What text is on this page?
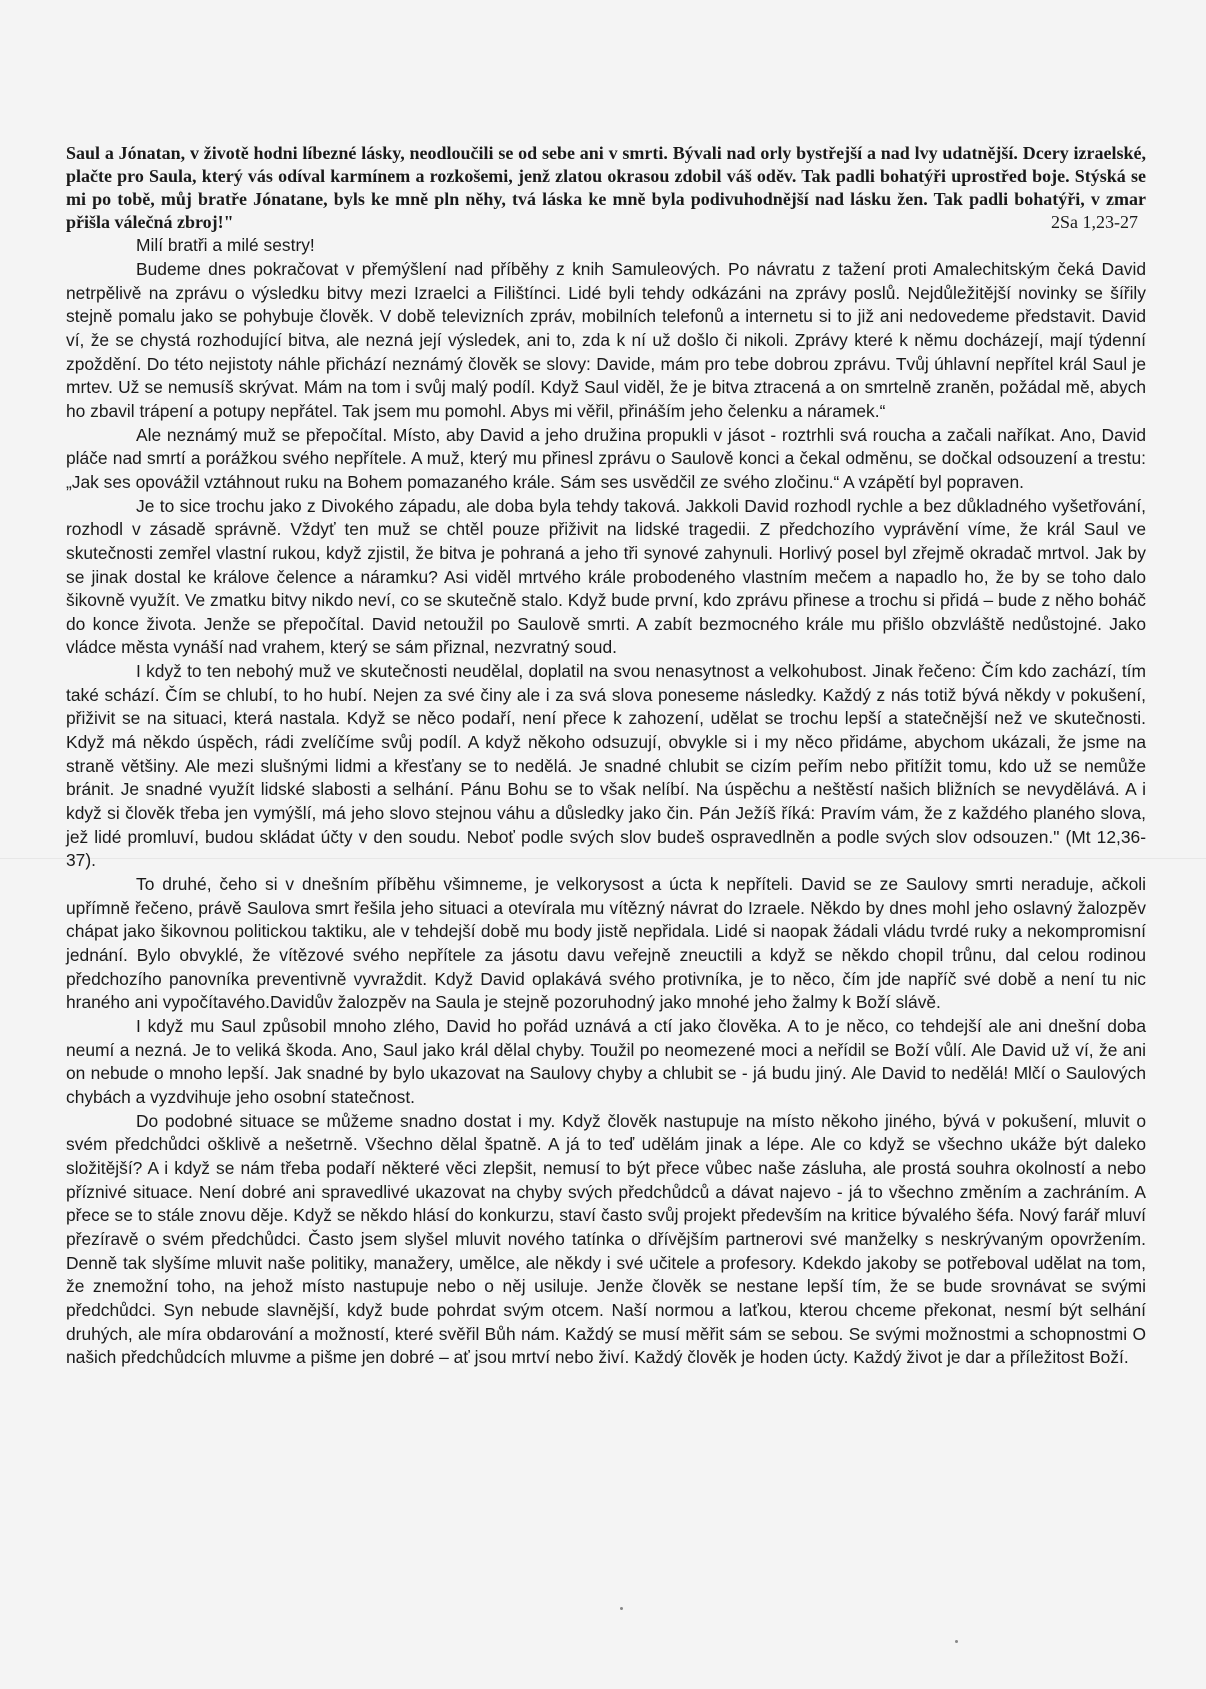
Saul a Jónatan, v životě hodni líbezné lásky, neodloučili se od sebe ani v smrti. Bývali nad orly bystřejší a nad lvy udatnější. Dcery izraelské, plačte pro Saula, který vás odíval karmínem a rozkošemi, jenž zlatou okrasou zdobil váš oděv. Tak padli bohatýři uprostřed boje. Stýská se mi po tobě, můj bratře Jónatane, byls ke mně pln něhy, tvá láska ke mně byla podivuhodnější nad lásku žen. Tak padli bohatýři, v zmar přišla válečná zbroj!"	2Sa 1,23-27

Milí bratři a milé sestry!

Budeme dnes pokračovat v přemýšlení nad příběhy z knih Samuleových. Po návratu z tažení proti Amalechitským čeká David netrpělivě na zprávu o výsledku bitvy mezi Izraelci a Filištínci. Lidé byli tehdy odkázáni na zprávy poslů. Nejdůležitější novinky se šířily stejně pomalu jako se pohybuje člověk. V době televizních zpráv, mobilních telefonů a internetu si to již ani nedovedeme představit. David ví, že se chystá rozhodující bitva, ale nezná její výsledek, ani to, zda k ní už došlo či nikoli. Zprávy které k němu docházejí, mají týdenní zpoždění. Do této nejistoty náhle přichází neznámý člověk se slovy: Davide, mám pro tebe dobrou zprávu. Tvůj úhlavní nepřítel král Saul je mrtev. Už se nemusíš skrývat. Mám na tom i svůj malý podíl. Když Saul viděl, že je bitva ztracená a on smrtelně zraněn, požádal mě, abych ho zbavil trápení a potupy nepřátel. Tak jsem mu pomohl. Abys mi věřil, přináším jeho čelenku a náramek.“

Ale neznámý muž se přepočítal. Místo, aby David a jeho družina propukli v jásot - roztrhli svá roucha a začali naříkat. Ano, David pláče nad smrtí a porážkou svého nepřítele. A muž, který mu přinesl zprávu o Saulově konci a čekal odměnu, se dočkal odsouzení a trestu: „Jak ses opovážil vztáhnout ruku na Bohem pomazaného krále. Sám ses usvědčil ze svého zločinu.“ A vzápětí byl popraven.

Je to sice trochu jako z Divokého západu, ale doba byla tehdy taková. Jakkoli David rozhodl rychle a bez důkladného vyšetřování, rozhodl v zásadě správně. Vždyť ten muž se chtěl pouze přiživit na lidské tragedii. Z předchozího vyprávění víme, že král Saul ve skutečnosti zemřel vlastní rukou, když zjistil, že bitva je pohraná a jeho tři synové zahynuli. Horlivý posel byl zřejmě okradač mrtvol. Jak by se jinak dostal ke králove čelence a náramku? Asi viděl mrtvého krále probodeného vlastním mečem a napadlo ho, že by se toho dalo šikovně využít. Ve zmatku bitvy nikdo neví, co se skutečně stalo. Když bude první, kdo zprávu přinese a trochu si přidá – bude z něho boháč do konce života. Jenže se přepočítal. David netoužil po Saulově smrti. A zabít bezmocného krále mu přišlo obzvláště nedůstojné. Jako vládce města vynáší nad vrahem, který se sám přiznal, nezvratný soud.

I když to ten nebohý muž ve skutečnosti neudělal, doplatil na svou nenasytnost a velkohubost. Jinak řečeno: Čím kdo zachází, tím také schází. Čím se chlubí, to ho hubí. Nejen za své činy ale i za svá slova poneseme následky. Každý z nás totiž bývá někdy v pokušení, přiživit se na situaci, která nastala. Když se něco podaří, není přece k zahození, udělat se trochu lepší a statečnější než ve skutečnosti. Když má někdo úspěch, rádi zvelíčíme svůj podíl. A když někoho odsuzují, obvykle si i my něco přidáme, abychom ukázali, že jsme na straně většiny. Ale mezi slušnými lidmi a křesťany se to nedělá. Je snadné chlubit se cizím peřím nebo přitížit tomu, kdo už se nemůže bránit. Je snadné využít lidské slabosti a selhání. Pánu Bohu se to však nelíbí. Na úspěchu a neštěstí našich bližních se nevydělává. A i když si člověk třeba jen vymýšlí, má jeho slovo stejnou váhu a důsledky jako čin. Pán Ježíš říká: Pravím vám, že z každého planého slova, jež lidé promluví, budou skládat účty v den soudu. Neboť podle svých slov budeš ospravedlněn a podle svých slov odsouzen." (Mt 12,36-37).

To druhé, čeho si v dnešním příběhu všimneme, je velkorysost a úcta k nepříteli. David se ze Saulovy smrti neraduje, ačkoli upřímně řečeno, právě Saulova smrt řešila jeho situaci a otevírala mu vítězný návrat do Izraele. Někdo by dnes mohl jeho oslavný žalozpěv chápat jako šikovnou politickou taktiku, ale v tehdejší době mu body jistě nepřidala. Lidé si naopak žádali vládu tvrdé ruky a nekompromisní jednání. Bylo obvyklé, že vítězové svého nepřítele za jásotu davu veřejně zneuctili a když se někdo chopil trůnu, dal celou rodinou předchozího panovníka preventivně vyvraždit. Když David oplakává svého protivníka, je to něco, čím jde napříč své době a není tu nic hraného ani vypočítavého.Davidův žalozpěv na Saula je stejně pozoruhodný jako mnohé jeho žalmy k Boží slávě.

I když mu Saul způsobil mnoho zlého, David ho pořád uznává a ctí jako člověka. A to je něco, co tehdejší ale ani dnešní doba neumí a nezná. Je to veliká škoda. Ano, Saul jako král dělal chyby. Toužil po neomezené moci a neřídil se Boží vůlí. Ale David už ví, že ani on nebude o mnoho lepší. Jak snadné by bylo ukazovat na Saulovy chyby a chlubit se - já budu jiný. Ale David to nedělá! Mlčí o Saulových chybách a vyzdvihuje jeho osobní statečnost.

Do podobné situace se můžeme snadno dostat i my. Když člověk nastupuje na místo někoho jiného, bývá v pokušení, mluvit o svém předchůdci ošklivě a nešetrně. Všechno dělal špatně. A já to teď udělám jinak a lépe. Ale co když se všechno ukáže být daleko složitější? A i když se nám třeba podaří některé věci zlepšit, nemusí to být přece vůbec naše zásluha, ale prostá souhra okolností a nebo příznivé situace. Není dobré ani spravedlivé ukazovat na chyby svých předchůdců a dávat najevo - já to všechno změním a zachráním. A přece se to stále znovu děje. Když se někdo hlásí do konkurzu, staví často svůj projekt především na kritice bývalého šéfa. Nový farář mluví přezíravě o svém předchůdci. Často jsem slyšel mluvit nového tatínka o dřívějším partnerovi své manželky s neskrývaným opovržením. Denně tak slyšíme mluvit naše politiky, manažery, umělce, ale někdy i své učitele a profesory. Kdekdo jakoby se potřeboval udělat na tom, že znemožní toho, na jehož místo nastupuje nebo o něj usiluje. Jenže člověk se nestane lepší tím, že se bude srovnávat se svými předchůdci. Syn nebude slavnější, když bude pohrdat svým otcem. Naší normou a laťkou, kterou chceme překonat, nesmí být selhání druhých, ale míra obdarování a možností, které svěřil Bůh nám. Každý se musí měřit sám se sebou. Se svými možnostmi a schopnostmi O našich předchůdcích mluvme a pišme jen dobré – ať jsou mrtví nebo živí. Každý člověk je hoden úcty. Každý život je dar a příležitost Boží.
